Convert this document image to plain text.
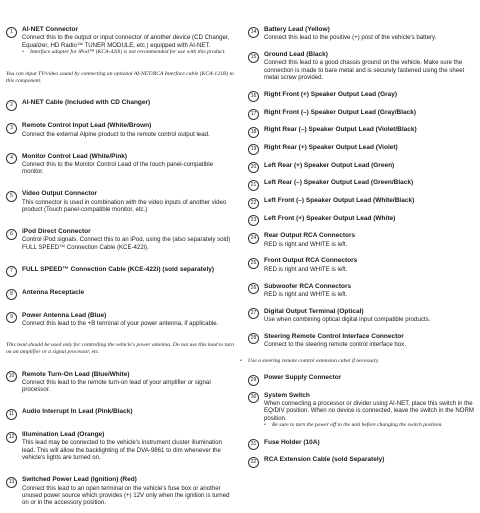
1	AI-NET Connector
Connect this to the output or input connector of another device (CD Changer, Equalizer, HD Radio™ TUNER MODULE, etc.) equipped with AI-NET.
• Interface adapter for iPod™ (KCA-420i) is not recommended for use with this product.
• You can input TV/video sound by connecting an optional AI-NET/RCA Interface cable (KCA-121B) to this component.
2	AI-NET Cable (Included with CD Changer)
3	Remote Control Input Lead (White/Brown)
Connect the external Alpine product to the remote control output lead.
4	Monitor Control Lead (White/Pink)
Connect this to the Monitor Control Lead of the touch panel-compatible monitor.
5	Video Output Connector
This connector is used in combination with the video inputs of another video product (Touch panel-compatible monitor, etc.)
6	iPod Direct Connector
Control iPod signals. Connect this to an iPod, using the (also separately sold) FULL SPEED™ Connection Cable (KCE-422i).
7	FULL SPEED™ Connection Cable (KCE-422i) (sold separately)
8	Antenna Receptacle
9	Power Antenna Lead (Blue)
Connect this lead to the +B terminal of your power antenna, if applicable.
• This lead should be used only for controlling the vehicle's power antenna. Do not use this lead to turn on an amplifier or a signal processor, etc.
10	Remote Turn-On Lead (Blue/White)
Connect this lead to the remote turn-on lead of your amplifier or signal processor.
11	Audio Interrupt In Lead (Pink/Black)
12	Illumination Lead (Orange)
This lead may be connected to the vehicle's instrument cluster illumination lead. This will allow the backlighting of the DVA-9861 to dim whenever the vehicle's lights are turned on.
13	Switched Power Lead (Ignition) (Red)
Connect this lead to an open terminal on the vehicle's fuse box or another unused power source which provides (+) 12V only when the ignition is turned on or in the accessory position.
14	Battery Lead (Yellow)
Connect this lead to the positive (+) post of the vehicle's battery.
15	Ground Lead (Black)
Connect this lead to a good chassis ground on the vehicle. Make sure the connection is made to bare metal and is securely fastened using the sheet metal screw provided.
16	Right Front (+) Speaker Output Lead (Gray)
17	Right Front (–) Speaker Output Lead (Gray/Black)
18	Right Rear (–) Speaker Output Lead (Violet/Black)
19	Right Rear (+) Speaker Output Lead (Violet)
20	Left Rear (+) Speaker Output Lead (Green)
21	Left Rear (–) Speaker Output Lead (Green/Black)
22	Left Front (–) Speaker Output Lead (White/Black)
23	Left Front (+) Speaker Output Lead (White)
24	Rear Output RCA Connectors
RED is right and WHITE is left.
25	Front Output RCA Connectors
RED is right and WHITE is left.
26	Subwoofer RCA Connectors
RED is right and WHITE is left.
27	Digital Output Terminal (Optical)
Use when combining optical digital input compatible products.
28	Steering Remote Control Interface Connector
Connect to the steering remote control interface box.
• Use a steering remote control extension cabel if necessary.
29	Power Supply Connector
30	System Switch
When connecting a processor or divider using AI-NET, place this switch in the EQ/DIV position. When no device is connected, leave the switch in the NORM position.
• Be sure to turn the power off to the unit before changing the switch position.
31	Fuse Holder (10A)
32	RCA Extension Cable (sold Separately)
